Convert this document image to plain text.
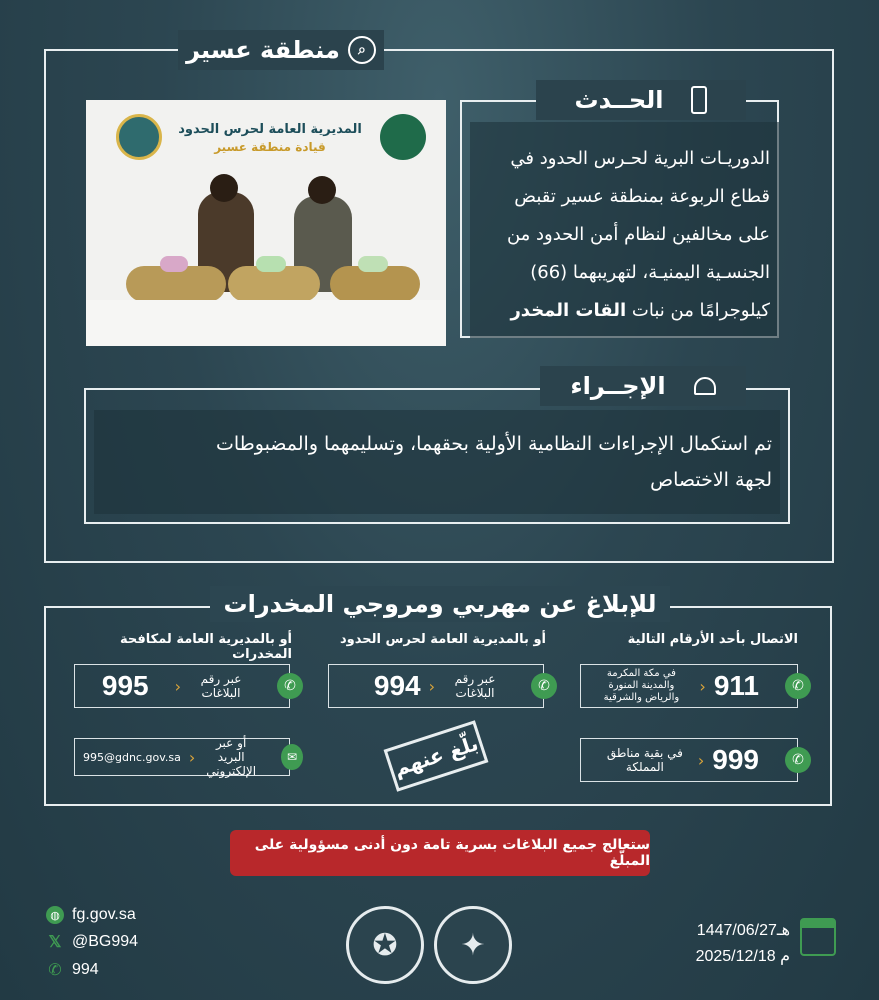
⌕
منطقة عسير
المديرية العامة لحرس الحدود
قيادة منطقة عسير
الحــدث
الدوريـات البرية لحـرس الحدود في
قطاع الربوعة بمنطقة عسير تقبض
على مخالفين لنظام أمن الحدود من
الجنسـية اليمنيـة، لتهريبهما (66)
كيلوجرامًا من نبات القات المخدر
الإجــراء
تم استكمال الإجراءات النظامية الأولية بحقهما، وتسليمهما والمضبوطات
لجهة الاختصاص
للإبلاغ عن مهربي ومروجي المخدرات
الاتصال بأحد الأرقام التالية
أو بالمديرية العامة لحرس الحدود
أو بالمديرية العامة لمكافحة المخدرات
✆
911
‹
في مكة المكرمة والمدينة المنورة والرياض والشرقية
✆
999
‹
في بقية مناطق المملكة
✆
عبر رقم البلاغات
‹
994
✆
عبر رقم البلاغات
‹
995
✉
أو عبر البريد الإلكتروني
‹
995@gdnc.gov.sa	بلّغ عنهم
ستعالج جميع البلاغات بسرية تامة دون أدنى مسؤولية على المبلّغ
◍ fg.gov.sa
𝕏 @BG994
✆ 994
✪	✦	1447/06/27هـ
2025/12/18 م
